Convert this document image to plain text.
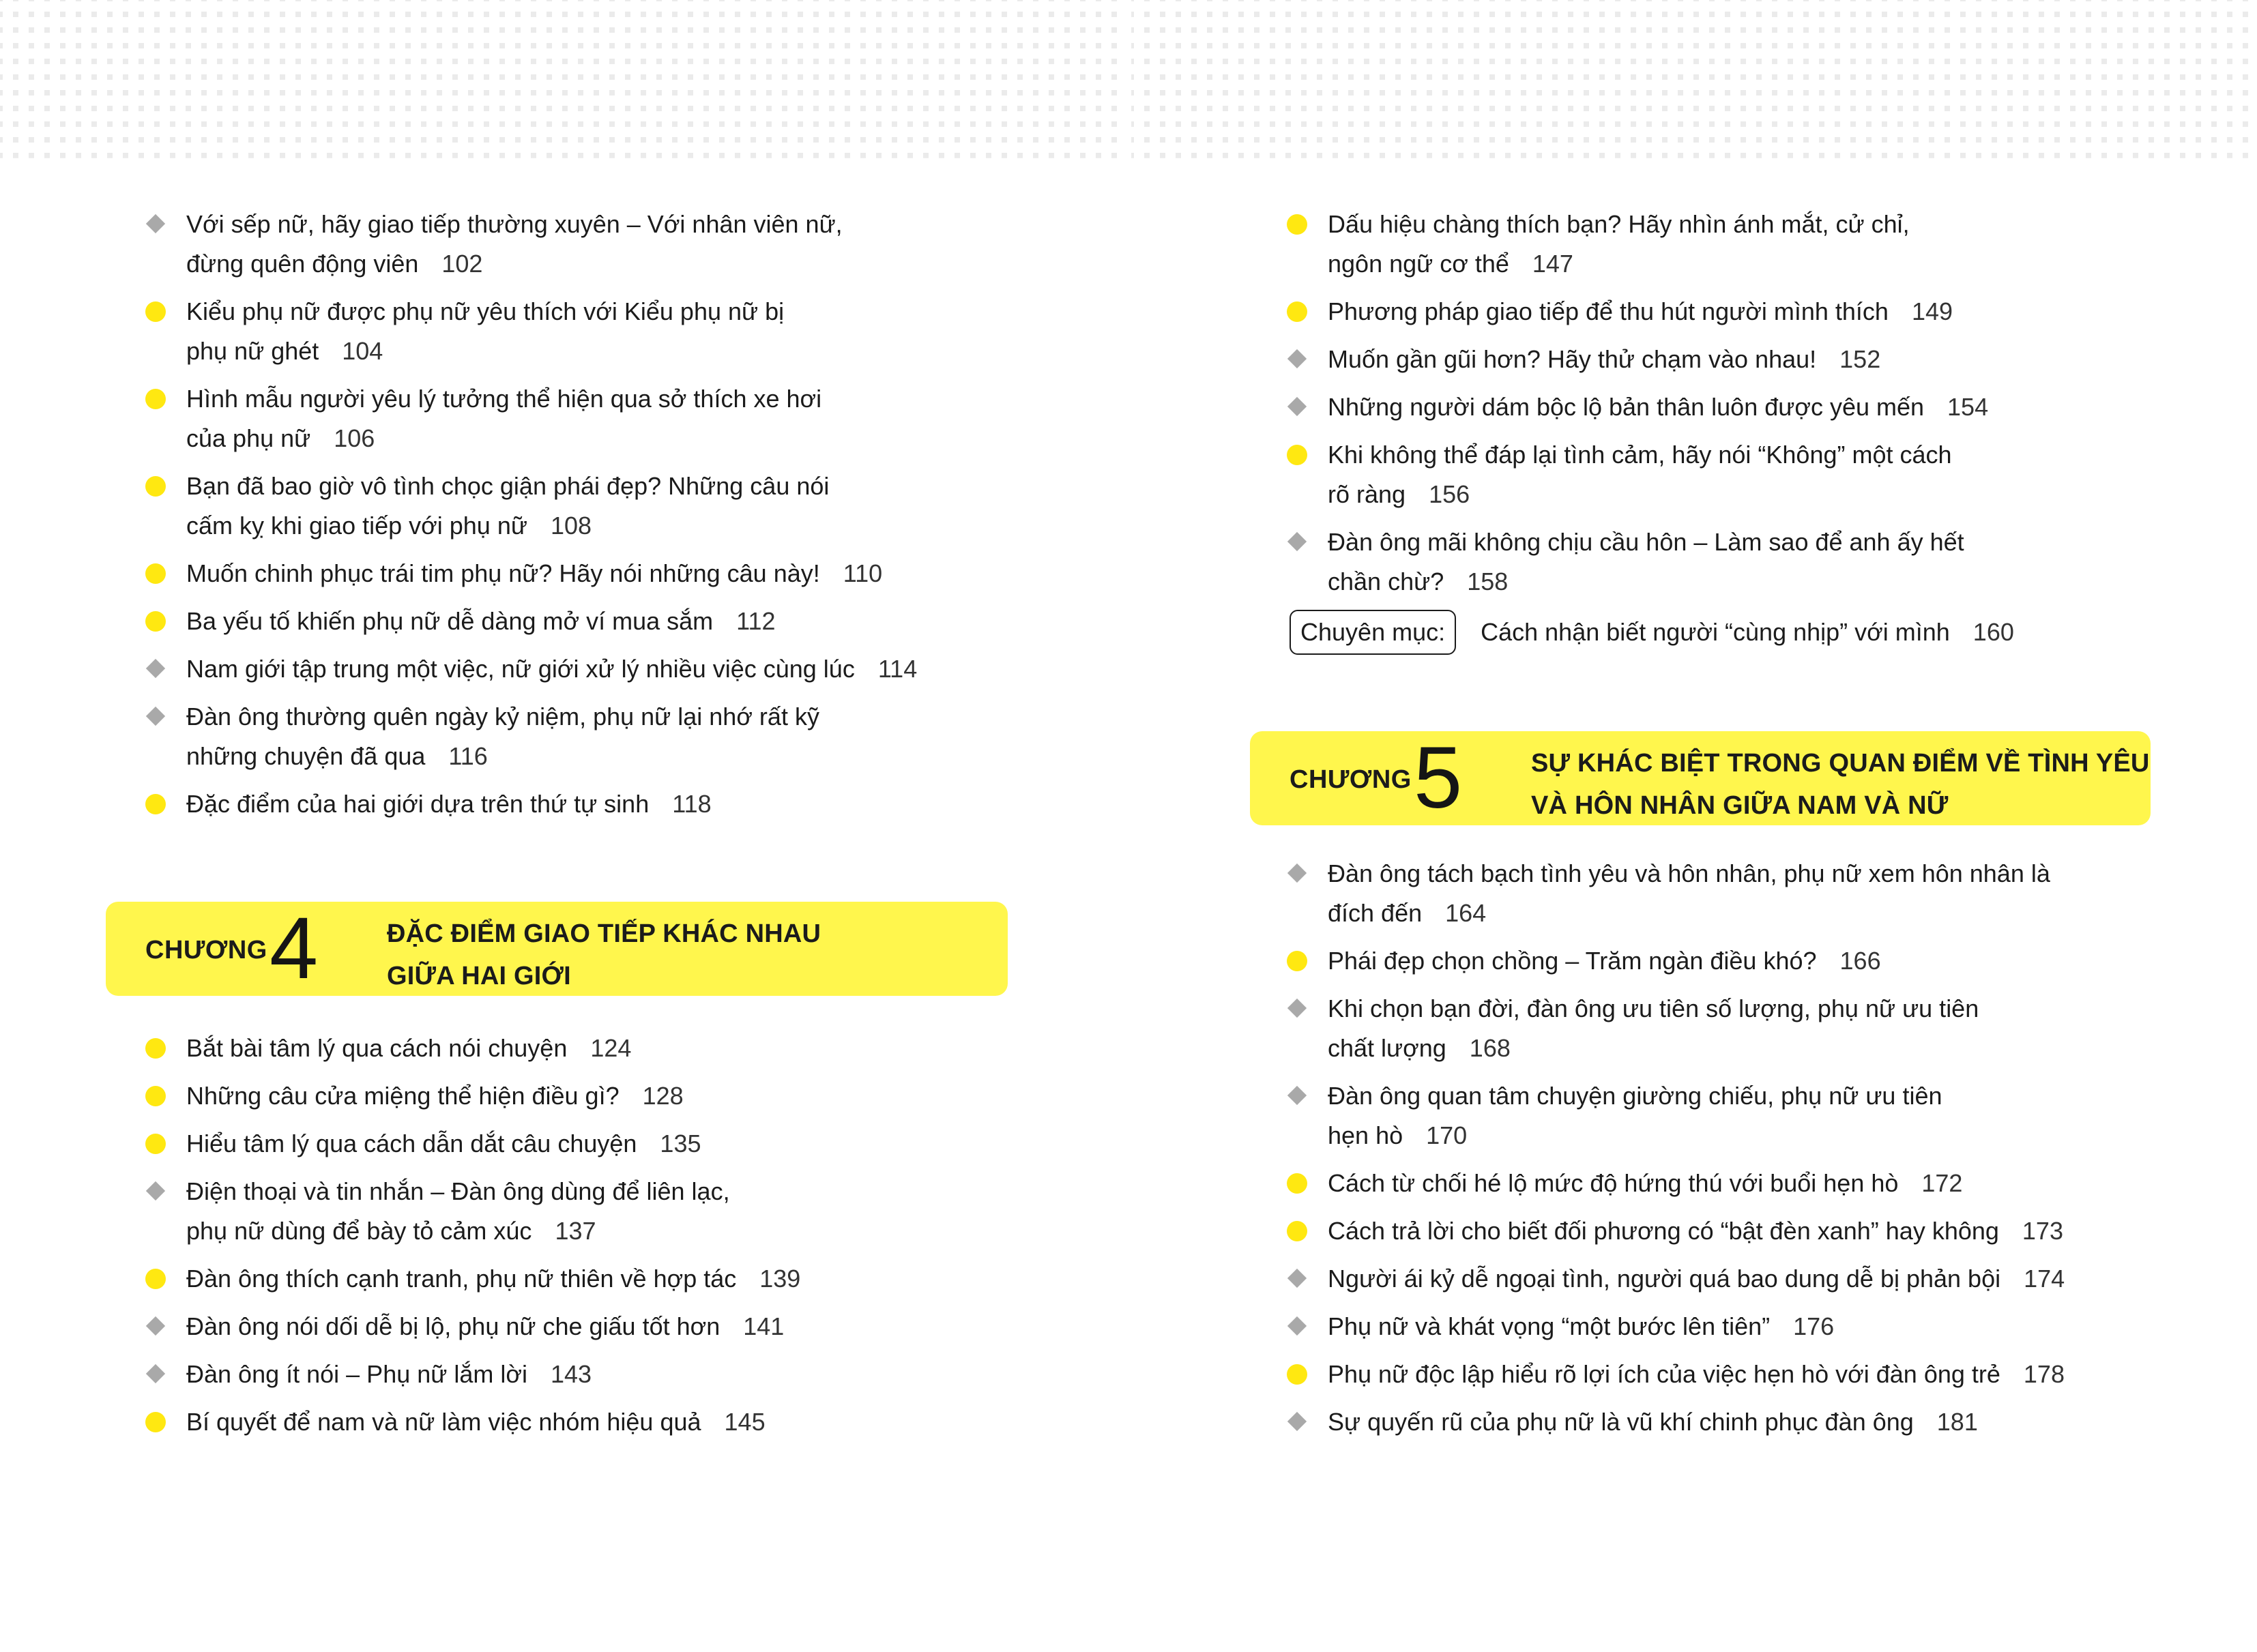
Với sếp nữ, hãy giao tiếp thường xuyên – Với nhân viên nữ,
đừng quên động viên 102
Kiểu phụ nữ được phụ nữ yêu thích với Kiểu phụ nữ bị
phụ nữ ghét 104
Hình mẫu người yêu lý tưởng thể hiện qua sở thích xe hơi
của phụ nữ 106
Bạn đã bao giờ vô tình chọc giận phái đẹp? Những câu nói
cấm kỵ khi giao tiếp với phụ nữ 108
Muốn chinh phục trái tim phụ nữ? Hãy nói những câu này! 110
Ba yếu tố khiến phụ nữ dễ dàng mở ví mua sắm 112
Nam giới tập trung một việc, nữ giới xử lý nhiều việc cùng lúc 114
Đàn ông thường quên ngày kỷ niệm, phụ nữ lại nhớ rất kỹ
những chuyện đã qua 116
Đặc điểm của hai giới dựa trên thứ tự sinh 118
CHƯƠNG 4	ĐẶC ĐIỂM GIAO TIẾP KHÁC NHAU
GIỮA HAI GIỚI
Bắt bài tâm lý qua cách nói chuyện 124
Những câu cửa miệng thể hiện điều gì? 128
Hiểu tâm lý qua cách dẫn dắt câu chuyện 135
Điện thoại và tin nhắn – Đàn ông dùng để liên lạc,
phụ nữ dùng để bày tỏ cảm xúc 137
Đàn ông thích cạnh tranh, phụ nữ thiên về hợp tác 139
Đàn ông nói dối dễ bị lộ, phụ nữ che giấu tốt hơn 141
Đàn ông ít nói – Phụ nữ lắm lời 143
Bí quyết để nam và nữ làm việc nhóm hiệu quả 145
Dấu hiệu chàng thích bạn? Hãy nhìn ánh mắt, cử chỉ,
ngôn ngữ cơ thể 147
Phương pháp giao tiếp để thu hút người mình thích 149
Muốn gần gũi hơn? Hãy thử chạm vào nhau! 152
Những người dám bộc lộ bản thân luôn được yêu mến 154
Khi không thể đáp lại tình cảm, hãy nói “Không” một cách
rõ ràng 156
Đàn ông mãi không chịu cầu hôn – Làm sao để anh ấy hết
chần chừ? 158
Chuyên mục: Cách nhận biết người “cùng nhịp” với mình 160
CHƯƠNG 5	SỰ KHÁC BIỆT TRONG QUAN ĐIỂM VỀ TÌNH YÊU
VÀ HÔN NHÂN GIỮA NAM VÀ NỮ
Đàn ông tách bạch tình yêu và hôn nhân, phụ nữ xem hôn nhân là
đích đến 164
Phái đẹp chọn chồng – Trăm ngàn điều khó? 166
Khi chọn bạn đời, đàn ông ưu tiên số lượng, phụ nữ ưu tiên
chất lượng 168
Đàn ông quan tâm chuyện giường chiếu, phụ nữ ưu tiên
hẹn hò 170
Cách từ chối hé lộ mức độ hứng thú với buổi hẹn hò 172
Cách trả lời cho biết đối phương có “bật đèn xanh” hay không 173
Người ái kỷ dễ ngoại tình, người quá bao dung dễ bị phản bội 174
Phụ nữ và khát vọng “một bước lên tiên” 176
Phụ nữ độc lập hiểu rõ lợi ích của việc hẹn hò với đàn ông trẻ 178
Sự quyến rũ của phụ nữ là vũ khí chinh phục đàn ông 181
